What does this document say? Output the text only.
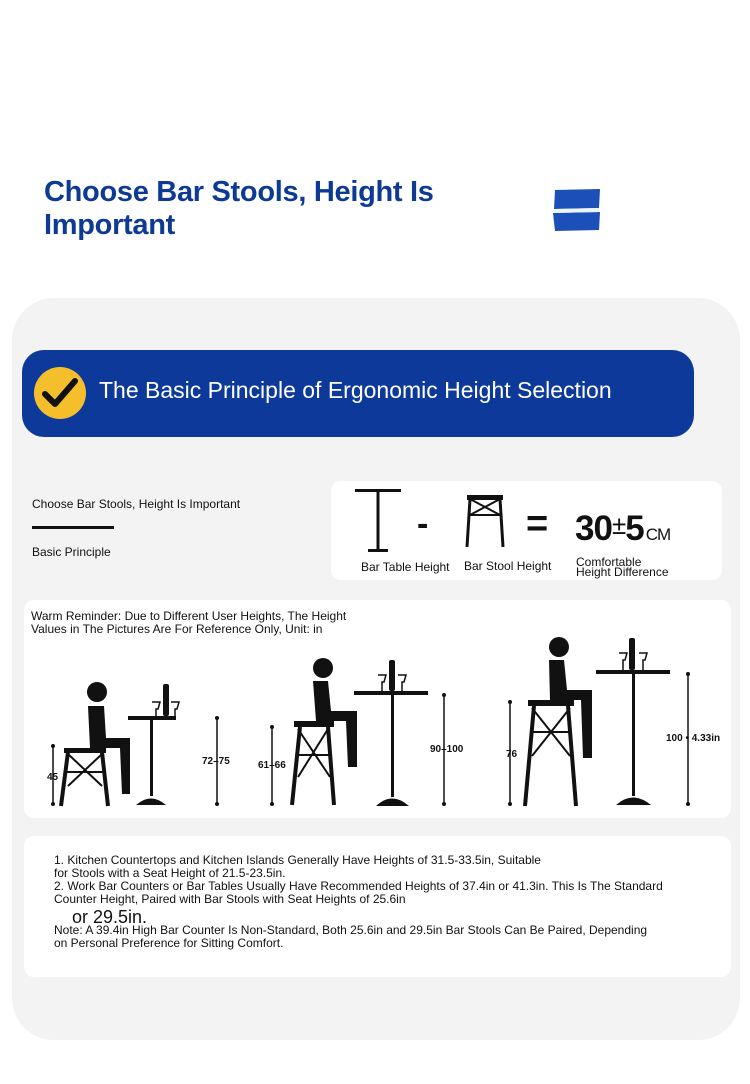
Choose Bar Stools, Height Is Important
The Basic Principle of Ergonomic Height Selection
Choose Bar Stools, Height Is Important
Basic Principle
-	= 30±5 CM
Bar Table Height Bar Stool Height Comfortable
Height Difference
Warm Reminder: Due to Different User Heights, The Height
Values in The Pictures Are For Reference Only, Unit: in
45
72–75	61–66
90–100	76
100 • 4.33in
1. Kitchen Countertops and Kitchen Islands Generally Have Heights of 31.5-33.5in, Suitable
for Stools with a Seat Height of 21.5-23.5in.
2. Work Bar Counters or Bar Tables Usually Have Recommended Heights of 37.4in or 41.3in. This Is The Standard
Counter Height, Paired with Bar Stools with Seat Heights of 25.6in
or 29.5in.
Note: A 39.4in High Bar Counter Is Non-Standard, Both 25.6in and 29.5in Bar Stools Can Be Paired, Depending
on Personal Preference for Sitting Comfort.
